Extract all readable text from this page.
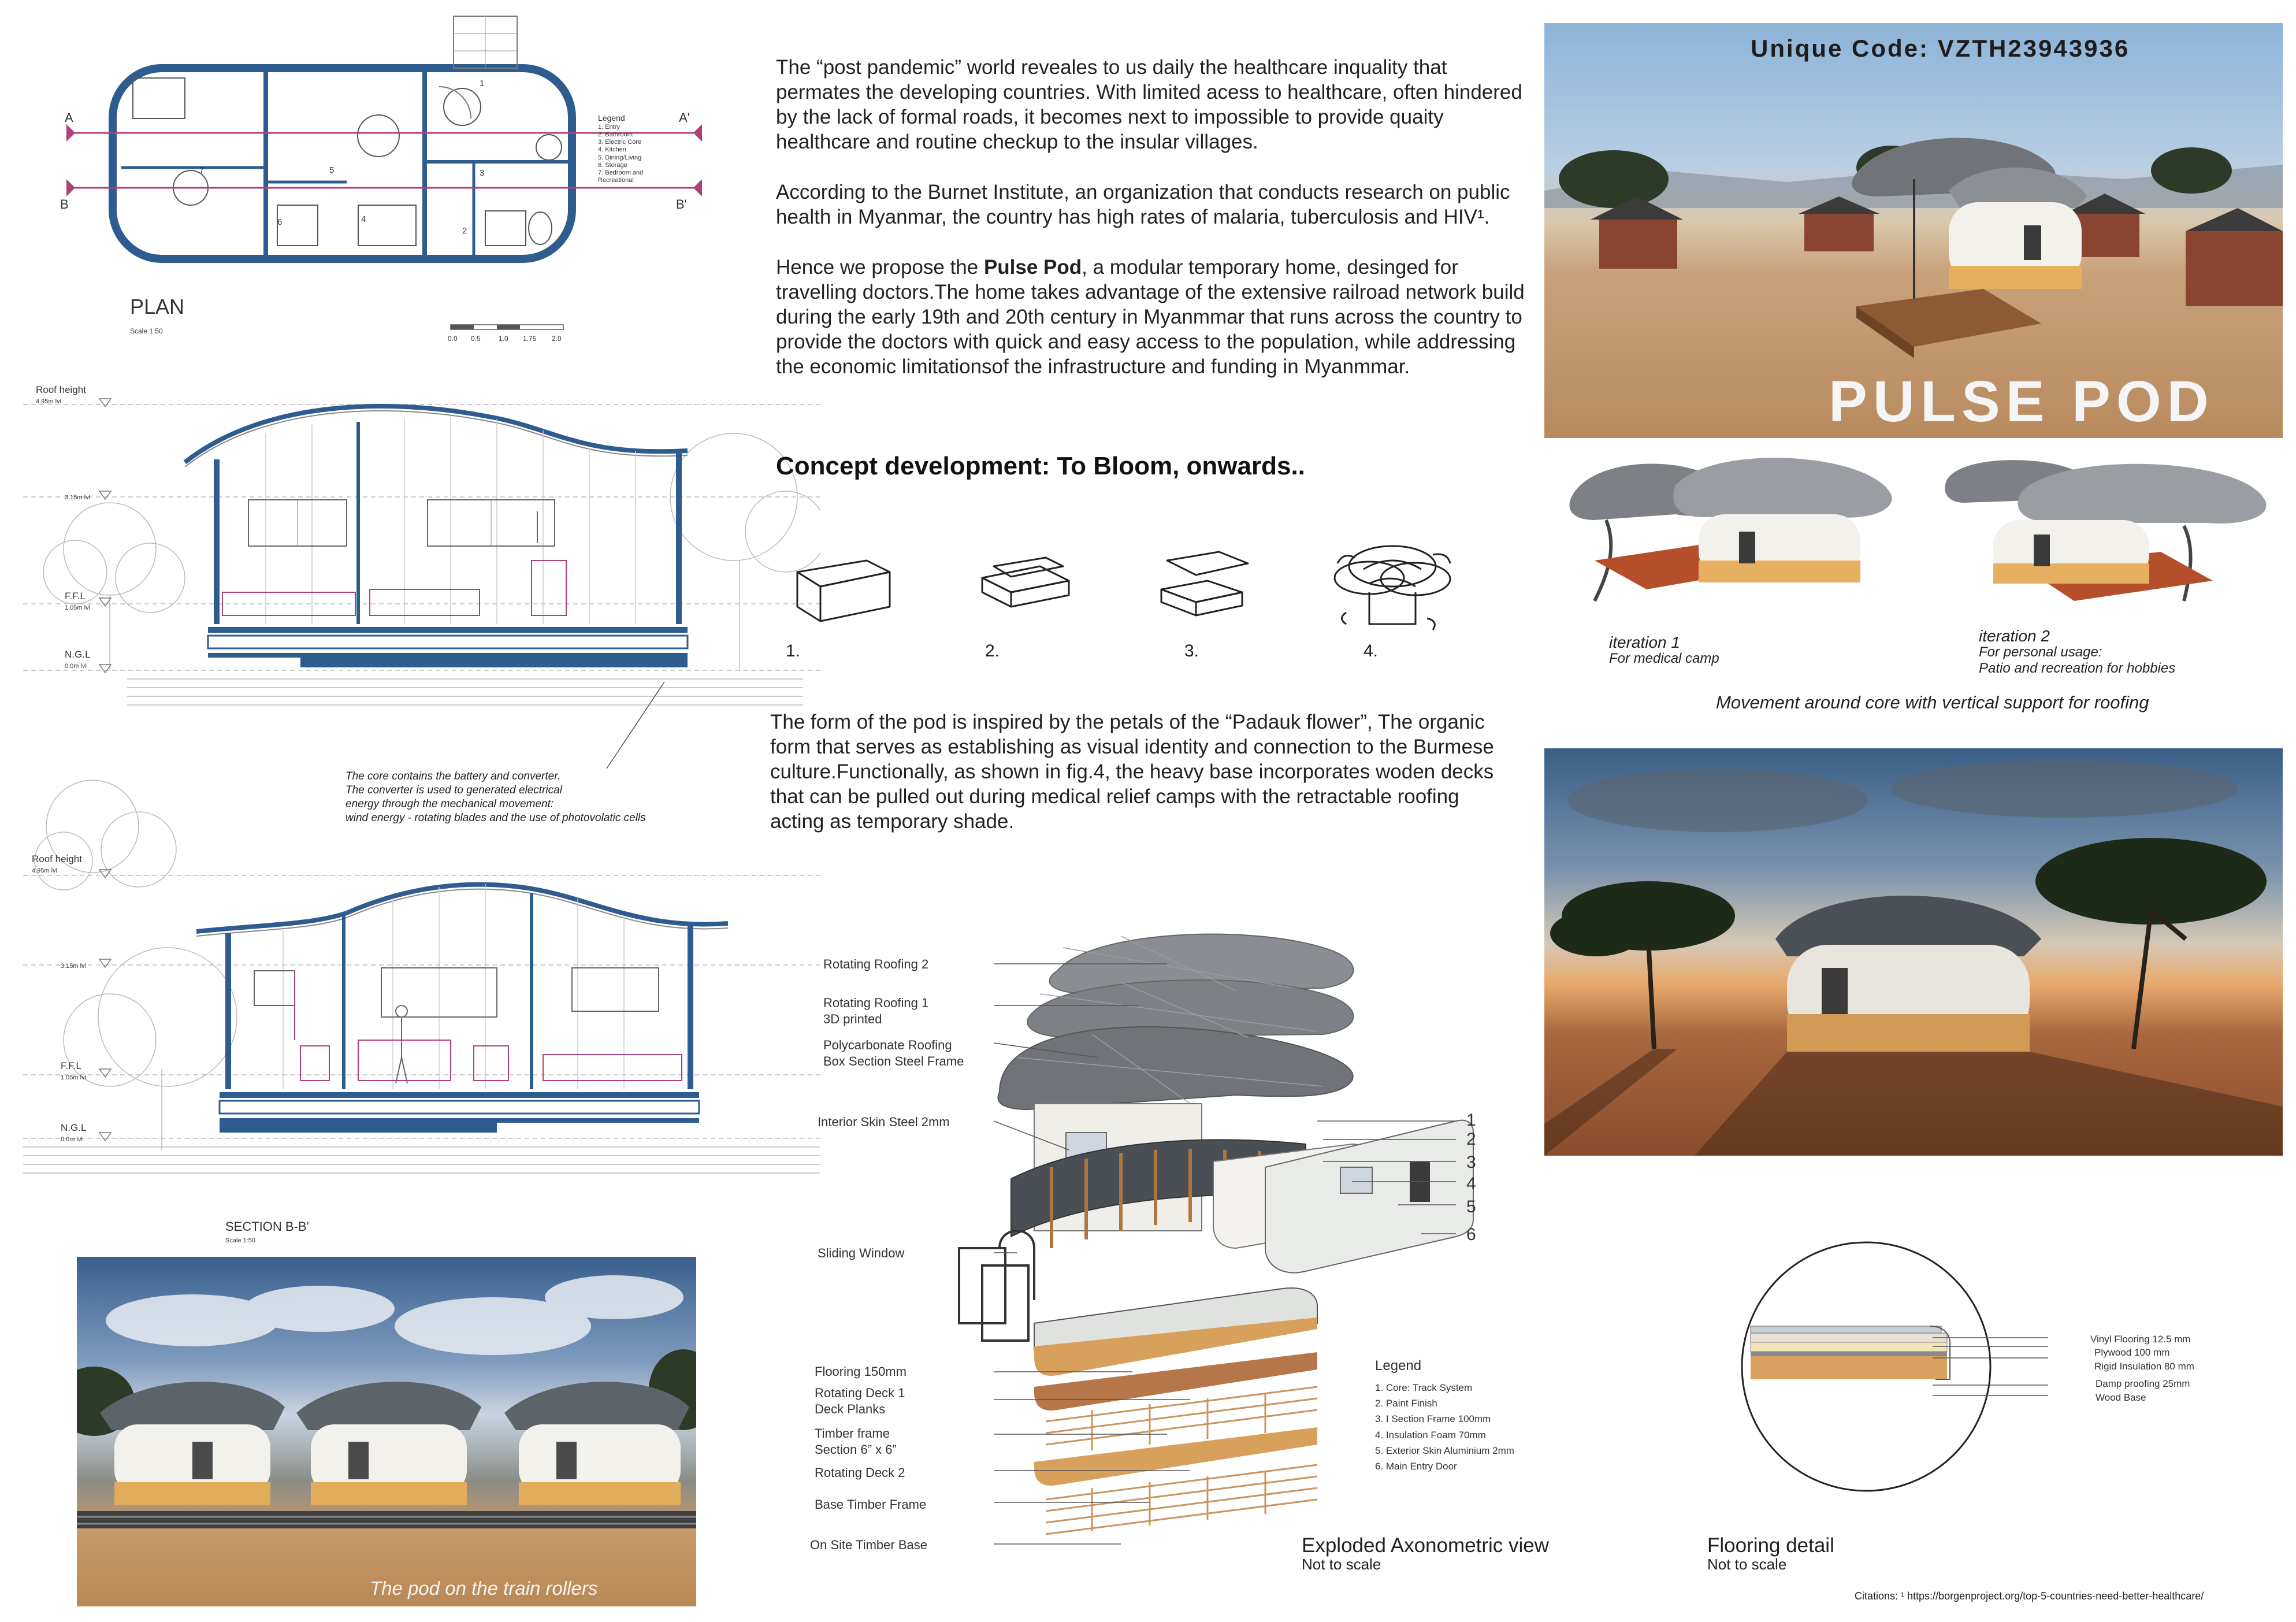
A	A'
B	B'
1
2
3
4
5
6
7
Legend
1. Entry
2. Bathroom
3. Electric Core
4. Kitchen
5. Dining/Living
6. Storage
7. Bedroom and Recreational
PLAN
Scale 1:50
0.0 0.5	1.0 1.75 2.0
Roof height
4.95m lvl
3.15m lvl
F.F.L
1.05m lvl
N.G.L
0.0m lvl
The core contains the battery and converter.
The converter is used to generated electrical
energy through the mechanical movement:
wind energy - rotating blades and the use of photovolatic cells
Roof height
4.95m lvl
3.15m lvl
F.F.L
1.05m lvl
N.G.L
0.0m lvl
SECTION B-B'
Scale 1:50
The pod on the train rollers
The “post pandemic” world reveales to us daily the healthcare inquality that permates the developing countries. With limited acess to healthcare, often hindered by the lack of formal roads, it becomes next to impossible to provide quaity healthcare and routine checkup to the insular villages.
According to the Burnet Institute, an organization that conducts research on public health in Myanmar, the country has high rates of malaria, tuberculosis and HIV¹.
Hence we propose the Pulse Pod, a modular temporary home, desinged for travelling doctors.The home takes advantage of the extensive railroad network build during the early 19th and 20th century in Myanmmar that runs across the country to provide the doctors with quick and easy access to the population, while addressing the economic limitationsof the infrastructure and funding in Myanmmar.
Concept development: To Bloom, onwards..
1.	2.	3.	4.
The form of the pod is inspired by the petals of the “Padauk flower”, The organic form that serves as establishing as visual identity and connection to the Burmese culture.Functionally, as shown in fig.4, the heavy base incorporates woden decks that can be pulled out during medical relief camps with the retractable roofing acting as temporary shade.
Unique Code: VZTH23943936
PULSE POD
iteration 1
For medical camp
iteration 2
For personal usage:
Patio and recreation for hobbies
Movement around core with vertical support for roofing
Rotating Roofing 2
Rotating Roofing 1
3D printed
Polycarbonate Roofing
Box Section Steel Frame
Interior Skin Steel 2mm
Sliding Window
Flooring 150mm
Rotating Deck 1
Deck Planks
Timber frame
Section 6” x 6”
Rotating Deck 2
Base Timber Frame
On Site Timber Base
1
2
3
4
5
6
Legend
1. Core: Track System
2. Paint Finish
3. I Section Frame 100mm
4. Insulation Foam 70mm
5. Exterior Skin Aluminium 2mm
6. Main Entry Door
Exploded Axonometric view
Not to scale
Vinyl Flooring 12.5 mm
Plywood 100 mm
Rigid Insulation 80 mm
Damp proofing 25mm
Wood Base
Flooring detail
Not to scale
Citations: ¹ https://borgenproject.org/top-5-countries-need-better-healthcare/
